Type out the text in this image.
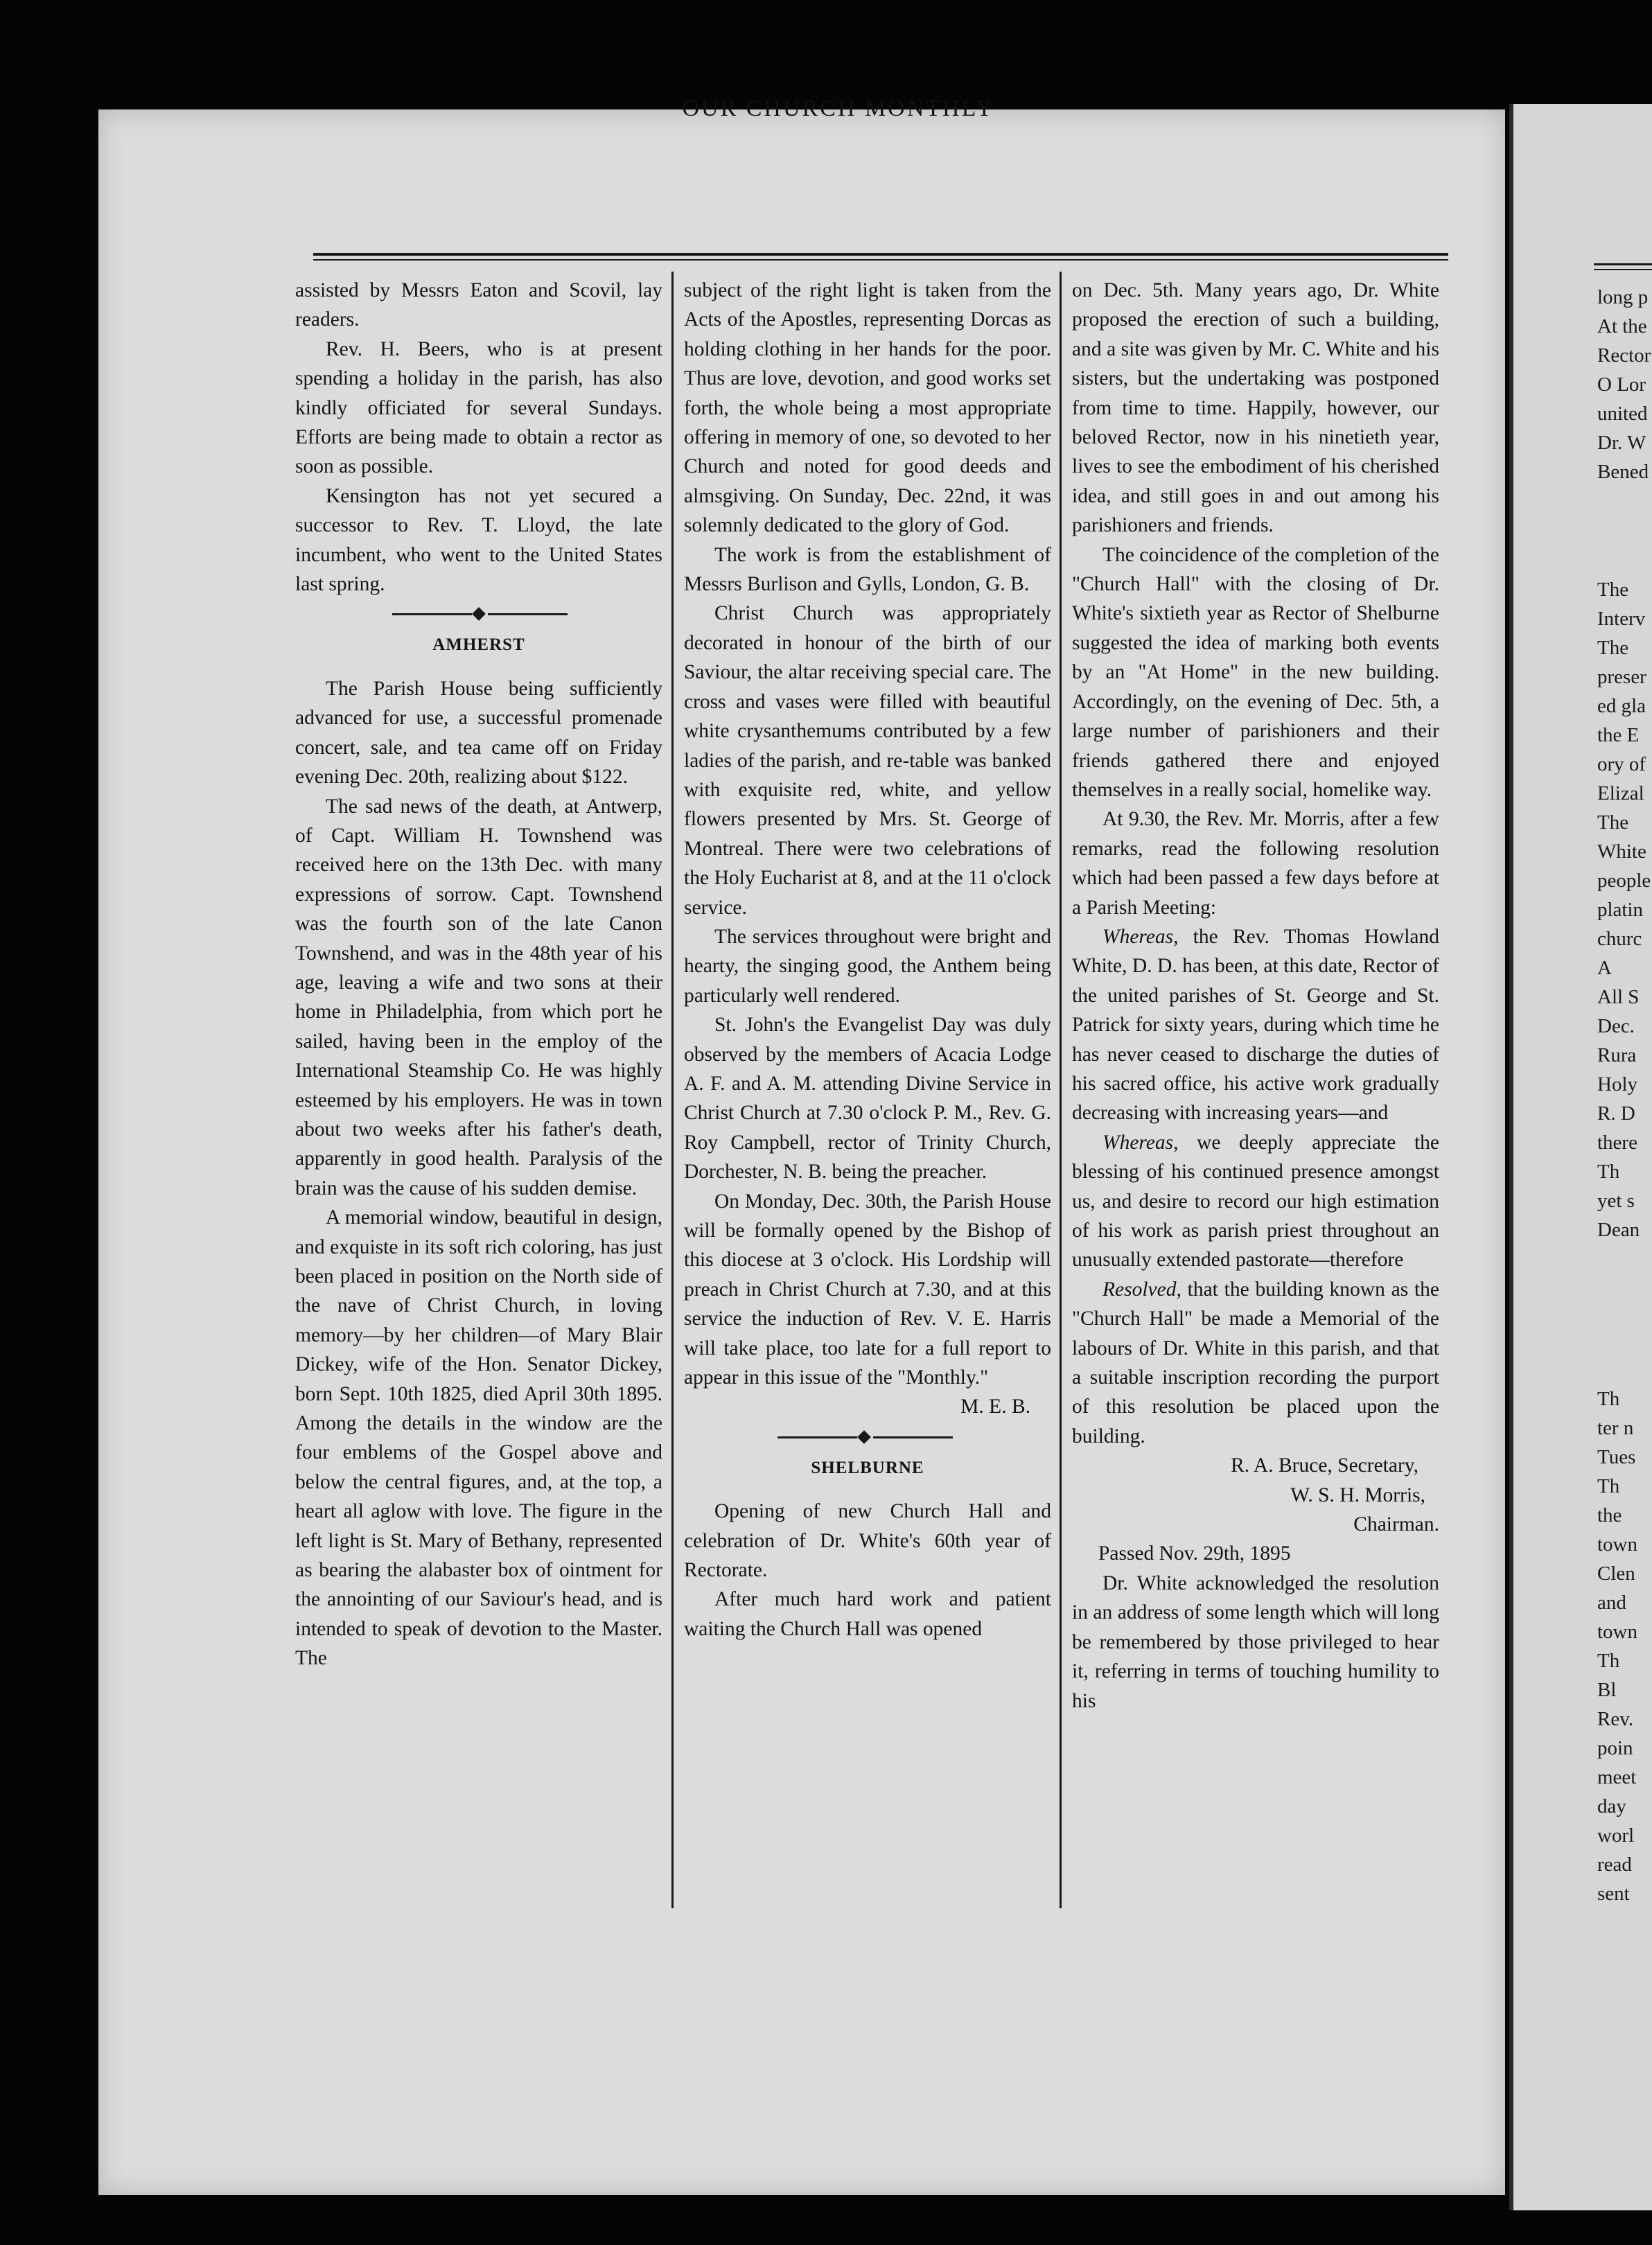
OUR CHURCH MONTHLY

assisted by Messrs Eaton and Scovil, lay readers.

Rev. H. Beers, who is at present spending a holiday in the parish, has also kindly officiated for several Sundays. Efforts are being made to obtain a rector as soon as possible.

Kensington has not yet secured a successor to Rev. T. Lloyd, the late incumbent, who went to the United States last spring.

AMHERST

The Parish House being sufficiently advanced for use, a successful promenade concert, sale, and tea came off on Friday evening Dec. 20th, realizing about $122.

The sad news of the death, at Antwerp, of Capt. William H. Townshend was received here on the 13th Dec. with many expressions of sorrow. Capt. Townshend was the fourth son of the late Canon Townshend, and was in the 48th year of his age, leaving a wife and two sons at their home in Philadelphia, from which port he sailed, having been in the employ of the International Steamship Co. He was highly esteemed by his employers. He was in town about two weeks after his father's death, apparently in good health. Paralysis of the brain was the cause of his sudden demise.

A memorial window, beautiful in design, and exquiste in its soft rich coloring, has just been placed in position on the North side of the nave of Christ Church, in loving memory—by her children—of Mary Blair Dickey, wife of the Hon. Senator Dickey, born Sept. 10th 1825, died April 30th 1895. Among the details in the window are the four emblems of the Gospel above and below the central figures, and, at the top, a heart all aglow with love. The figure in the left light is St. Mary of Bethany, represented as bearing the alabaster box of ointment for the annointing of our Saviour's head, and is intended to speak of devotion to the Master. The

subject of the right light is taken from the Acts of the Apostles, representing Dorcas as holding clothing in her hands for the poor. Thus are love, devotion, and good works set forth, the whole being a most appropriate offering in memory of one, so devoted to her Church and noted for good deeds and almsgiving. On Sunday, Dec. 22nd, it was solemnly dedicated to the glory of God.

The work is from the establishment of Messrs Burlison and Gylls, London, G. B.

Christ Church was appropriately decorated in honour of the birth of our Saviour, the altar receiving special care. The cross and vases were filled with beautiful white crysanthemums contributed by a few ladies of the parish, and re-table was banked with exquisite red, white, and yellow flowers presented by Mrs. St. George of Montreal. There were two celebrations of the Holy Eucharist at 8, and at the 11 o'clock service.

The services throughout were bright and hearty, the singing good, the Anthem being particularly well rendered.

St. John's the Evangelist Day was duly observed by the members of Acacia Lodge A. F. and A. M. attending Divine Service in Christ Church at 7.30 o'clock P. M., Rev. G. Roy Campbell, rector of Trinity Church, Dorchester, N. B. being the preacher.

On Monday, Dec. 30th, the Parish House will be formally opened by the Bishop of this diocese at 3 o'clock. His Lordship will preach in Christ Church at 7.30, and at this service the induction of Rev. V. E. Harris will take place, too late for a full report to appear in this issue of the "Monthly."

M. E. B.

SHELBURNE

Opening of new Church Hall and celebration of Dr. White's 60th year of Rectorate.

After much hard work and patient waiting the Church Hall was opened

on Dec. 5th. Many years ago, Dr. White proposed the erection of such a building, and a site was given by Mr. C. White and his sisters, but the undertaking was postponed from time to time. Happily, however, our beloved Rector, now in his ninetieth year, lives to see the embodiment of his cherished idea, and still goes in and out among his parishioners and friends.

The coincidence of the completion of the "Church Hall" with the closing of Dr. White's sixtieth year as Rector of Shelburne suggested the idea of marking both events by an "At Home" in the new building. Accordingly, on the evening of Dec. 5th, a large number of parishioners and their friends gathered there and enjoyed themselves in a really social, homelike way.

At 9.30, the Rev. Mr. Morris, after a few remarks, read the following resolution which had been passed a few days before at a Parish Meeting:

Whereas, the Rev. Thomas Howland White, D. D. has been, at this date, Rector of the united parishes of St. George and St. Patrick for sixty years, during which time he has never ceased to discharge the duties of his sacred office, his active work gradually decreasing with increasing years—and

Whereas, we deeply appreciate the blessing of his continued presence amongst us, and desire to record our high estimation of his work as parish priest throughout an unusually extended pastorate—therefore

Resolved, that the building known as the "Church Hall" be made a Memorial of the labours of Dr. White in this parish, and that a suitable inscription recording the purport of this resolution be placed upon the building.

R. A. Bruce, Secretary,

W. S. H. Morris,

Chairman.

Passed Nov. 29th, 1895

Dr. White acknowledged the resolution in an address of some length which will long be remembered by those privileged to hear it, referring in terms of touching humility to his

long p
At the
Rector
O Lor
united
Dr. W
Bened
The
Interv
The
preser
ed gla
the E
ory of
Elizal
The
White
people
platin
churc
A
All S
Dec.
Rura
Holy
R. D
there
Th
yet s
Dean
Th
ter n
Tues
Th
the
town
Clen
and
town
Th
Bl
Rev.
poin
meet
day
worl
read
sent
